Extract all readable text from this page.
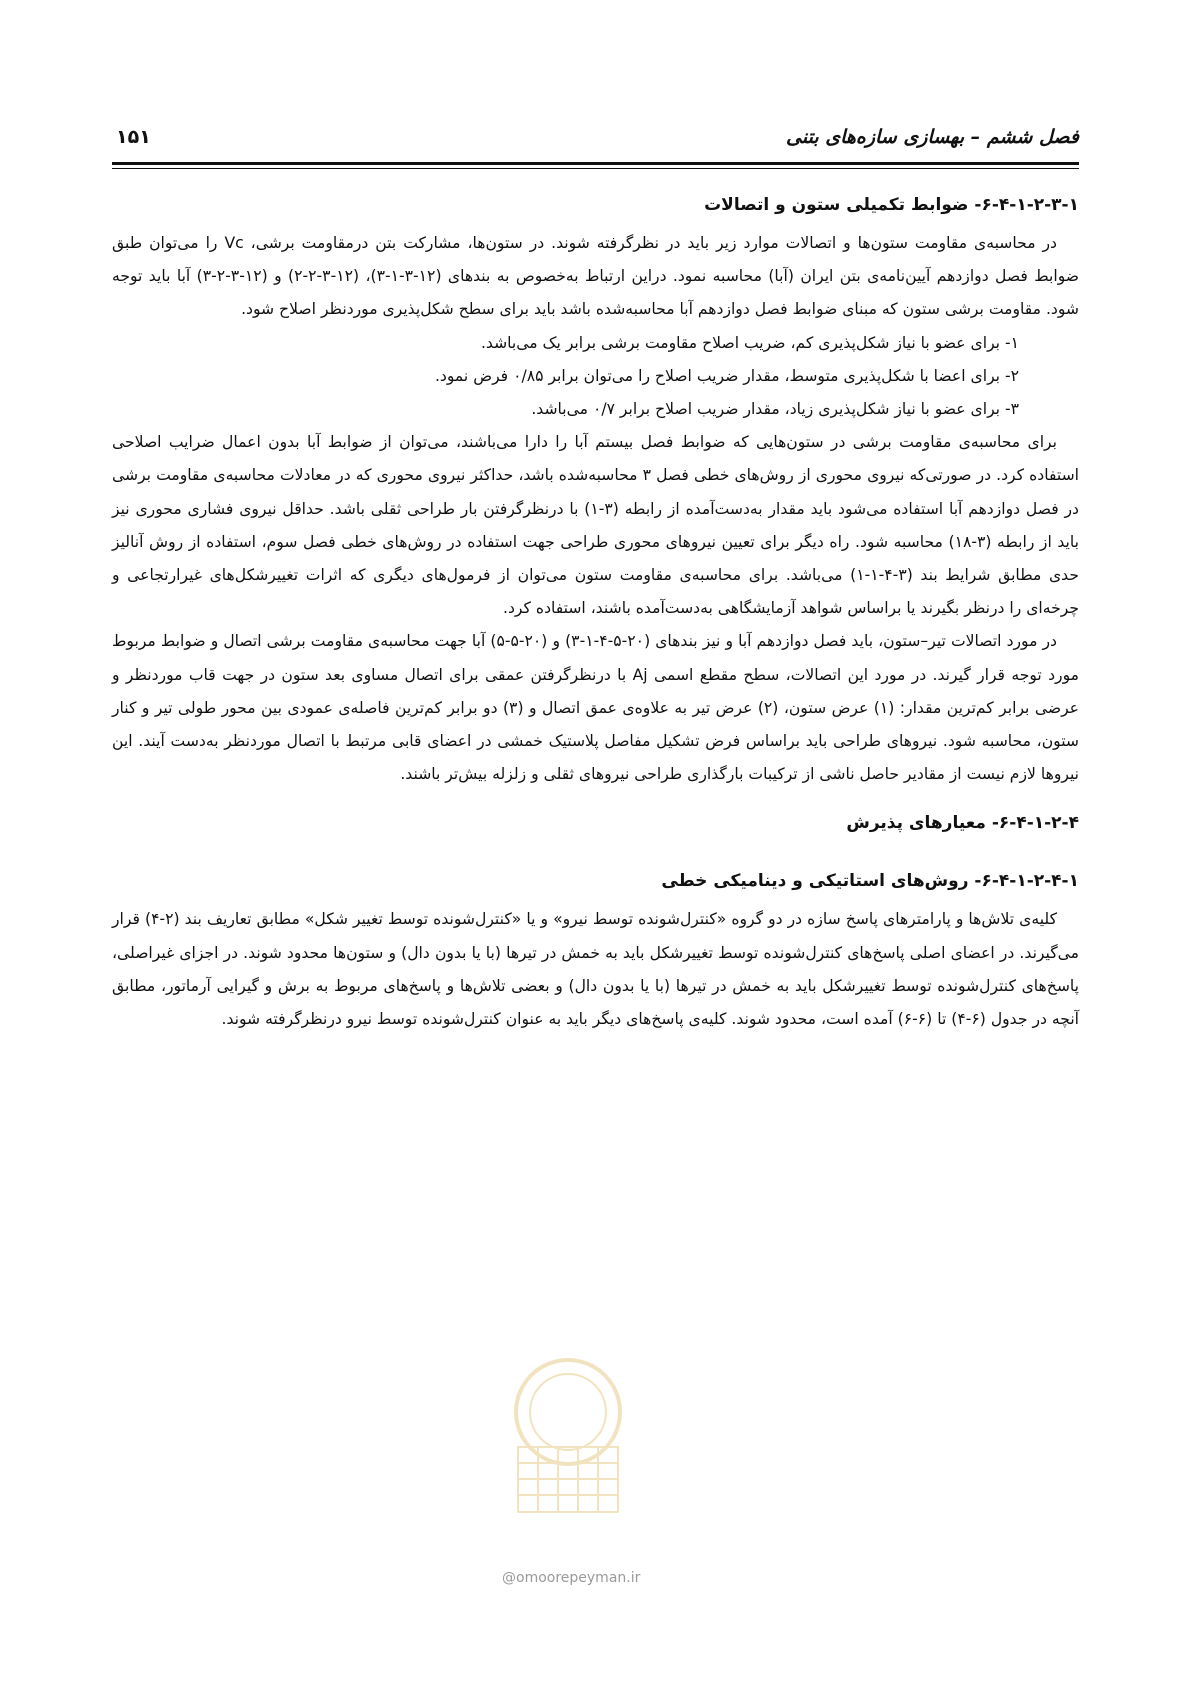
فصل ششم – بهسازی سازه‌های بتنی
۱۵۱
۶-۴-۱-۲-۳-۱- ضوابط تکمیلی ستون و اتصالات

در محاسبه‌ی مقاومت ستون‌ها و اتصالات موارد زیر باید در نظرگرفته شوند. در ستون‌ها، مشارکت بتن درمقاومت برشی، Vc را می‌توان طبق ضوابط فصل دوازدهم آیین‌نامه‌ی بتن ایران (آبا) محاسبه نمود. دراین ارتباط به‌خصوص به بندهای (۱۲-۳-۱-۳)، (۱۲-۳-۲-۲) و (۱۲-۳-۲-۳) آبا باید توجه شود. مقاومت برشی ستون که مبنای ضوابط فصل دوازدهم آبا محاسبه‌شده باشد باید برای سطح شکل‌پذیری موردنظر اصلاح شود.

۱- برای عضو با نیاز شکل‌پذیری کم، ضریب اصلاح مقاومت برشی برابر یک می‌باشد.

۲- برای اعضا با شکل‌پذیری متوسط، مقدار ضریب اصلاح را می‌توان برابر ۰/۸۵ فرض نمود.

۳- برای عضو با نیاز شکل‌پذیری زیاد، مقدار ضریب اصلاح برابر ۰/۷ می‌باشد.

برای محاسبه‌ی مقاومت برشی در ستون‌هایی که ضوابط فصل بیستم آبا را دارا می‌باشند، می‌توان از ضوابط آبا بدون اعمال ضرایب اصلاحی استفاده کرد. در صورتی‌که نیروی محوری از روش‌های خطی فصل ۳ محاسبه‌شده باشد، حداکثر نیروی محوری که در معادلات محاسبه‌ی مقاومت برشی در فصل دوازدهم آبا استفاده می‌شود باید مقدار به‌دست‌آمده از رابطه (۳-۱) با درنظرگرفتن بار طراحی ثقلی باشد. حداقل نیروی فشاری محوری نیز باید از رابطه (۳-۱۸) محاسبه شود. راه دیگر برای تعیین نیروهای محوری طراحی جهت استفاده در روش‌های خطی فصل سوم، استفاده از روش آنالیز حدی مطابق شرایط بند (۳-۴-۱-۱) می‌باشد. برای محاسبه‌ی مقاومت ستون می‌توان از فرمول‌های دیگری که اثرات تغییرشکل‌های غیرارتجاعی و چرخه‌ای را درنظر بگیرند یا براساس شواهد آزمایشگاهی به‌دست‌آمده باشند، استفاده کرد.

در مورد اتصالات تیر–ستون، باید فصل دوازدهم آبا و نیز بندهای (۲۰-۵-۴-۱-۳) و (۲۰-۵-۵) آبا جهت محاسبه‌ی مقاومت برشی اتصال و ضوابط مربوط مورد توجه قرار گیرند. در مورد این اتصالات، سطح مقطع اسمی Aj با درنظرگرفتن عمقی برای اتصال مساوی بعد ستون در جهت قاب موردنظر و عرضی برابر کم‌ترین مقدار: (۱) عرض ستون، (۲) عرض تیر به علاوه‌ی عمق اتصال و (۳) دو برابر کم‌ترین فاصله‌ی عمودی بین محور طولی تیر و کنار ستون، محاسبه شود. نیروهای طراحی باید براساس فرض تشکیل مفاصل پلاستیک خمشی در اعضای قابی مرتبط با اتصال موردنظر به‌دست آیند. این نیروها لازم نیست از مقادیر حاصل ناشی از ترکیبات بارگذاری طراحی نیروهای ثقلی و زلزله بیش‌تر باشند.

۶-۴-۱-۲-۴- معیارهای پذیرش
۶-۴-۱-۲-۴-۱- روش‌های استاتیکی و دینامیکی خطی

کلیه‌ی تلاش‌ها و پارامترهای پاسخ سازه در دو گروه «کنترل‌شونده توسط نیرو» و یا «کنترل‌شونده توسط تغییر شکل» مطابق تعاریف بند (۲-۴) قرار می‌گیرند. در اعضای اصلی پاسخ‌های کنترل‌شونده توسط تغییرشکل باید به خمش در تیرها (با یا بدون دال) و ستون‌ها محدود شوند. در اجزای غیراصلی، پاسخ‌های کنترل‌شونده توسط تغییرشکل باید به خمش در تیرها (با یا بدون دال) و بعضی تلاش‌ها و پاسخ‌های مربوط به برش و گیرایی آرماتور، مطابق آنچه در جدول (۶-۴) تا (۶-۶) آمده است، محدود شوند. کلیه‌ی پاسخ‌های دیگر باید به عنوان کنترل‌شونده توسط نیرو درنظرگرفته شوند.

@omoorepeyman.ir
